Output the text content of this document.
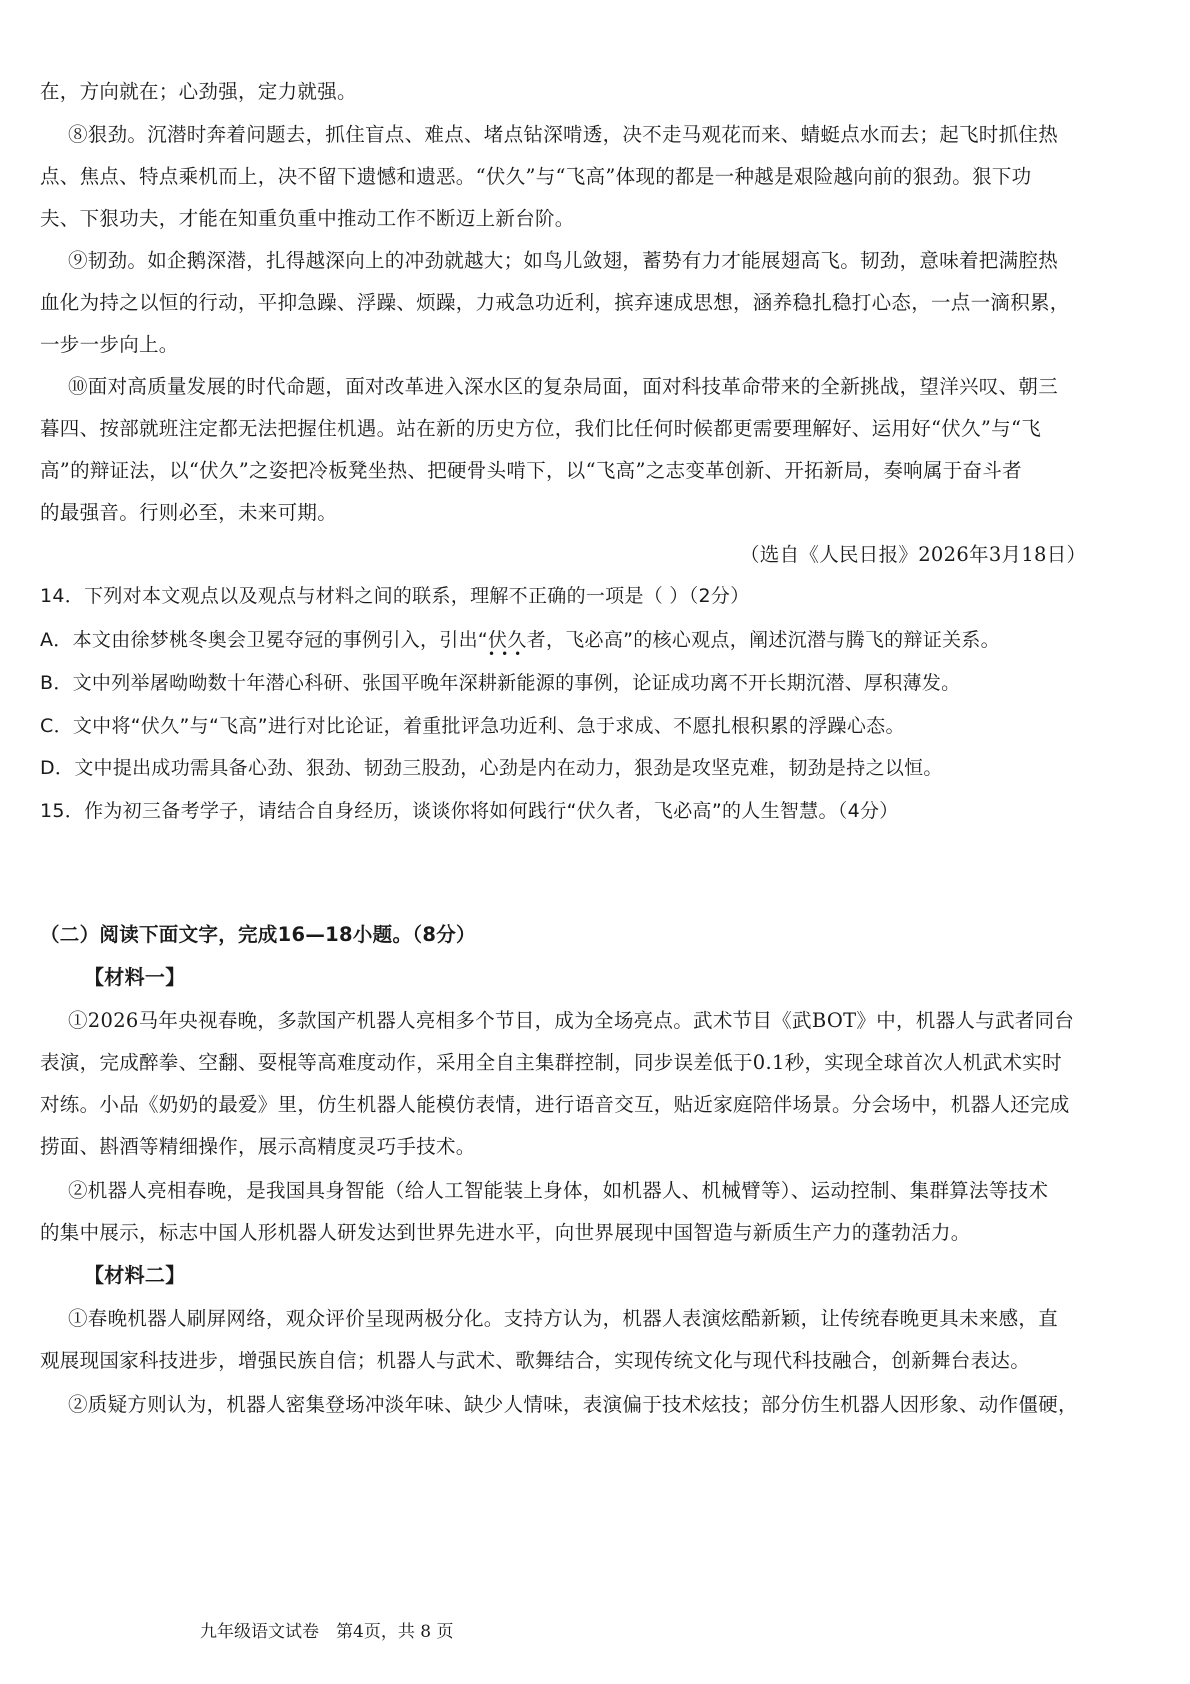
在，方向就在；心劲强，定力就强。
⑧狠劲。沉潜时奔着问题去，抓住盲点、难点、堵点钻深啃透，决不走马观花而来、蜻蜓点水而去；起飞时抓住热
点、焦点、特点乘机而上，决不留下遗憾和遗恶。“伏久”与“飞高”体现的都是一种越是艰险越向前的狠劲。狠下功
夫、下狠功夫，才能在知重负重中推动工作不断迈上新台阶。
⑨韧劲。如企鹅深潜，扎得越深向上的冲劲就越大；如鸟儿敛翅，蓄势有力才能展翅高飞。韧劲，意味着把满腔热
血化为持之以恒的行动，平抑急躁、浮躁、烦躁，力戒急功近利，摈弃速成思想，涵养稳扎稳打心态，一点一滴积累，
一步一步向上。
⑩面对高质量发展的时代命题，面对改革进入深水区的复杂局面，面对科技革命带来的全新挑战，望洋兴叹、朝三
暮四、按部就班注定都无法把握住机遇。站在新的历史方位，我们比任何时候都更需要理解好、运用好“伏久”与“飞
高”的辩证法，以“伏久”之姿把冷板凳坐热、把硬骨头啃下，以“飞高”之志变革创新、开拓新局，奏响属于奋斗者
的最强音。行则必至，未来可期。
（选自《人民日报》2026年3月18日）
14．下列对本文观点以及观点与材料之间的联系，理解不正确的一项是（ ）（2分）
•••
A．本文由徐梦桃冬奥会卫冕夺冠的事例引入，引出“伏久者，飞必高”的核心观点，阐述沉潜与腾飞的辩证关系。
B．文中列举屠呦呦数十年潜心科研、张国平晚年深耕新能源的事例，论证成功离不开长期沉潜、厚积薄发。
C．文中将“伏久”与“飞高”进行对比论证，着重批评急功近利、急于求成、不愿扎根积累的浮躁心态。
D．文中提出成功需具备心劲、狠劲、韧劲三股劲，心劲是内在动力，狠劲是攻坚克难，韧劲是持之以恒。
15．作为初三备考学子，请结合自身经历，谈谈你将如何践行“伏久者，飞必高”的人生智慧。（4分）
（二）阅读下面文字，完成16—18小题。（8分）
【材料一】
①2026马年央视春晚，多款国产机器人亮相多个节目，成为全场亮点。武术节目《武BOT》中，机器人与武者同台
表演，完成醉拳、空翻、耍棍等高难度动作，采用全自主集群控制，同步误差低于0.1秒，实现全球首次人机武术实时
对练。小品《奶奶的最爱》里，仿生机器人能模仿表情，进行语音交互，贴近家庭陪伴场景。分会场中，机器人还完成
捞面、斟酒等精细操作，展示高精度灵巧手技术。
②机器人亮相春晚，是我国具身智能（给人工智能装上身体，如机器人、机械臂等）、运动控制、集群算法等技术
的集中展示，标志中国人形机器人研发达到世界先进水平，向世界展现中国智造与新质生产力的蓬勃活力。
【材料二】
①春晚机器人刷屏网络，观众评价呈现两极分化。支持方认为，机器人表演炫酷新颖，让传统春晚更具未来感，直
观展现国家科技进步，增强民族自信；机器人与武术、歌舞结合，实现传统文化与现代科技融合，创新舞台表达。
②质疑方则认为，机器人密集登场冲淡年味、缺少人情味，表演偏于技术炫技；部分仿生机器人因形象、动作僵硬，
九年级语文试卷　第4页，共 8 页
